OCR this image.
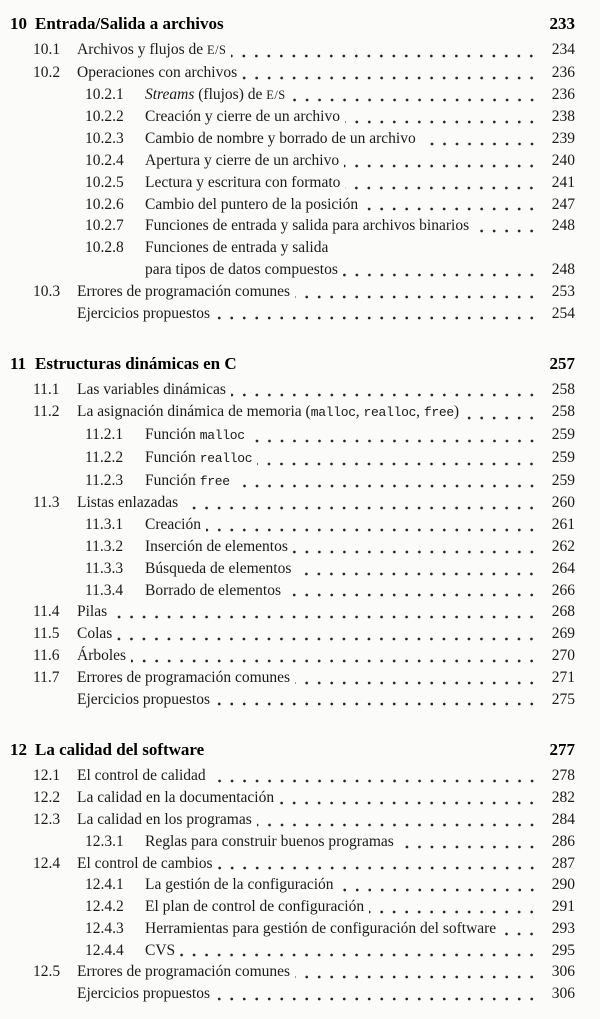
10 Entrada/Salida a archivos	233
10.1	Archivos y flujos de E/S	234
10.2	Operaciones con archivos	236
10.2.1	Streams (flujos) de E/S	236
10.2.2	Creación y cierre de un archivo	238
10.2.3	Cambio de nombre y borrado de un archivo	239
10.2.4	Apertura y cierre de un archivo	240
10.2.5	Lectura y escritura con formato	241
10.2.6	Cambio del puntero de la posición	247
10.2.7	Funciones de entrada y salida para archivos binarios	248
10.2.8	Funciones de entrada y salida
para tipos de datos compuestos	248
10.3	Errores de programación comunes	253
Ejercicios propuestos	254
11 Estructuras dinámicas en C	257
11.1	Las variables dinámicas	258
11.2	La asignación dinámica de memoria (malloc, realloc, free)	258
11.2.1	Función malloc	259
11.2.2	Función realloc	259
11.2.3	Función free	259
11.3	Listas enlazadas	260
11.3.1	Creación	261
11.3.2	Inserción de elementos	262
11.3.3	Búsqueda de elementos	264
11.3.4	Borrado de elementos	266
11.4	Pilas	268
11.5	Colas	269
11.6	Árboles	270
11.7	Errores de programación comunes	271
Ejercicios propuestos	275
12 La calidad del software	277
12.1	El control de calidad	278
12.2	La calidad en la documentación	282
12.3	La calidad en los programas	284
12.3.1	Reglas para construir buenos programas	286
12.4	El control de cambios	287
12.4.1	La gestión de la configuración	290
12.4.2	El plan de control de configuración	291
12.4.3	Herramientas para gestión de configuración del software	293
12.4.4	CVS	295
12.5	Errores de programación comunes	306
Ejercicios propuestos	306
